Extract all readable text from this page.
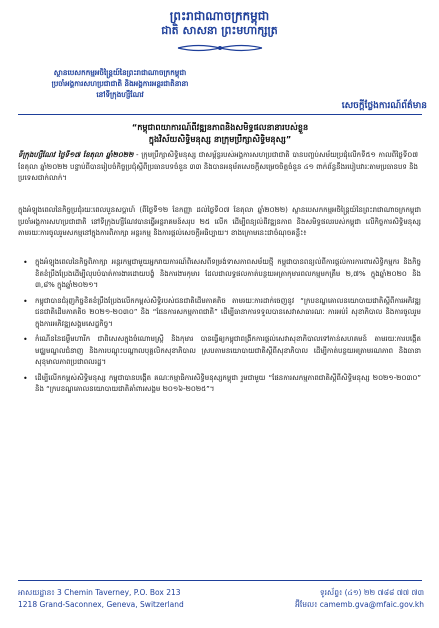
ព្រះរាជាណាចក្រកម្ពុជា
ជាតិ សាសនា ព្រះមហាក្សត្រ
ស្ថានបេសកកម្មអចិន្ត្រៃយ៍នៃព្រះរាជាណាចក្រកម្ពុជា
ប្រចាំអង្គការសហប្រជាជាតិ និងអង្គការអន្តរជាតិនានា
នៅទីក្រុងហ្សឺណែវ
សេចក្តីថ្លែងការណ៍ព័ត៌មាន
“កម្ពុជាពយាការណ៍ពីវឌ្ឍនភាពនិងសមិទ្ធផលនានារបស់ខ្លួន
ក្នុងវិស័យសិទ្ធិមនុស្ស នាក្រុមប្រឹក្សាសិទ្ធិមនុស្ស”
ទីក្រុងហ្សឺណែវ ថ្ងៃទី១៧ ខែតុលា ឆ្នាំ២០២២ - ក្រុមប្រឹក្សាសិទ្ធិមនុស្ស ជាសម្ព័ន្ធរបស់អង្គការសហប្រជាជាតិ បានបញ្ចប់សម័យប្រជុំលើកទី៥១ កាលពីថ្ងៃទី០៧ ខែតុលា ឆ្នាំ២០២២ បន្ទាប់ពីបានរៀបចំកិច្ចប្រជុំស្តីពីប្រធានបទចំនួន ៣៣ និងបានអនុម័តសេចក្តីសម្រេចចិត្តចំនួន ៤១ ពាក់ព័ន្ធនឹងរបៀបវារៈតាមប្រធានបទ និងប្រទេសជាក់លាក់។
ក្នុងអំឡុងពេលនៃកិច្ចប្រជុំរយៈពេលបួនសប្តាហ៍ (ពីថ្ងៃទី១២ ខែកញ្ញា ដល់ថ្ងៃទី០៧ ខែតុលា ឆ្នាំ២០២២) ស្ថានបេសកកម្មអចិន្ត្រៃយ៍នៃព្រះរាជាណាចក្រកម្ពុជា ប្រចាំអង្គការសហប្រជាជាតិ នៅទីក្រុងហ្សឺណែវបានធ្វើអន្តរាគមន៍សរុប ២៥ លើក ដើម្បីពន្យល់ពីវឌ្ឍនភាព និងសមិទ្ធផលរបស់កម្ពុជា លើកិច្ចការសិទ្ធិមនុស្ស តាមរយៈការចូលរួមសកម្មនៅក្នុងការពិភាក្សា អន្តរកម្ម និងការផ្តល់សេចក្តីអធិប្បាយ។ ខាងក្រោមនេះជាចំណុចគន្លឹះ៖
• ក្នុងអំឡុងពេលនៃកិច្ចពិភាក្សា អន្តរកម្មជាមួយអ្នករាយការណ៍ពិសេសពីទម្រង់ទាសភាពសម័យថ្មី កម្ពុជាបានពន្យល់ពីការផ្តល់ការការពារសិទ្ធិកម្មករ និងកិច្ចខិតខំប្រឹងប្រែងដើម្បីលុបបំបាត់ការងារដោយបង្ខំ និងការងារកុមារ ដែលជាលទ្ធផលកាត់បន្ថយអត្រាកុមារពលកម្មមកត្រឹម ២,៧% ក្នុងឆ្នាំ២០២០ និង ៣,៨% ក្នុងឆ្នាំ២០២១។
• កម្ពុជាបានជំរុញកិច្ចខិតខំប្រឹងប្រែងលើកកម្ពស់សិទ្ធិរបស់ជនជាតិដើមភាគតិច តាមរយៈការដាក់ចេញនូវ “ក្របខណ្ឌគោលនយោបាយជាតិស្តីពីការអភិវឌ្ឍជនជាតិដើមភាគតិច ២០២១-២០៣០” និង “ផែនការសកម្មភាពជាតិ” ដើម្បីធានាការទទួលបានសេវាសាធារណៈ ការអប់រំ សុខាភិបាល និងការចូលរួមក្នុងការអភិវឌ្ឍសង្គមសេដ្ឋកិច្ច។
• កំណើននៃជម្ងឺមហារីក ជាពិសេសក្នុងចំណោមស្ត្រី និងកុមារ បានធ្វើឲ្យកម្ពុជាពង្រីកការផ្តល់សេវាសុខាភិបាលទៅកាន់សហគមន៍ តាមរយៈការបង្កើតមជ្ឈមណ្ឌលជំនាញ និងការបណ្តុះបណ្តាលបុគ្គលិកសុខាភិបាល ស្របតាមនយោបាយជាតិស្តីពីសុខាភិបាល ដើម្បីកាត់បន្ថយអត្រាមរណភាព និងធានាសុខុមាលភាពប្រជាពលរដ្ឋ។
• ដើម្បីលើកកម្ពស់សិទ្ធិមនុស្ស កម្ពុជាបានបង្កើត គណៈកម្មាធិការសិទ្ធិមនុស្សកម្ពុជា រួមជាមួយ “ផែនការសកម្មភាពជាតិស្តីពីសិទ្ធិមនុស្ស ២០២១-២០៣០” និង “ក្របខណ្ឌគោលនយោបាយជាតិគាំពារសង្គម ២០១៦-២០២៥”។
អាសយដ្ឋាន៖ 3 Chemin Taverney, P.O. Box 213
1218 Grand-Saconnex, Geneva, Switzerland
ទូរស័ព្ទ៖ (៤១) ២២ ៧៨៨ ៧៧ ៧៣
អ៊ីមែល៖ camemb.gva@mfaic.gov.kh
